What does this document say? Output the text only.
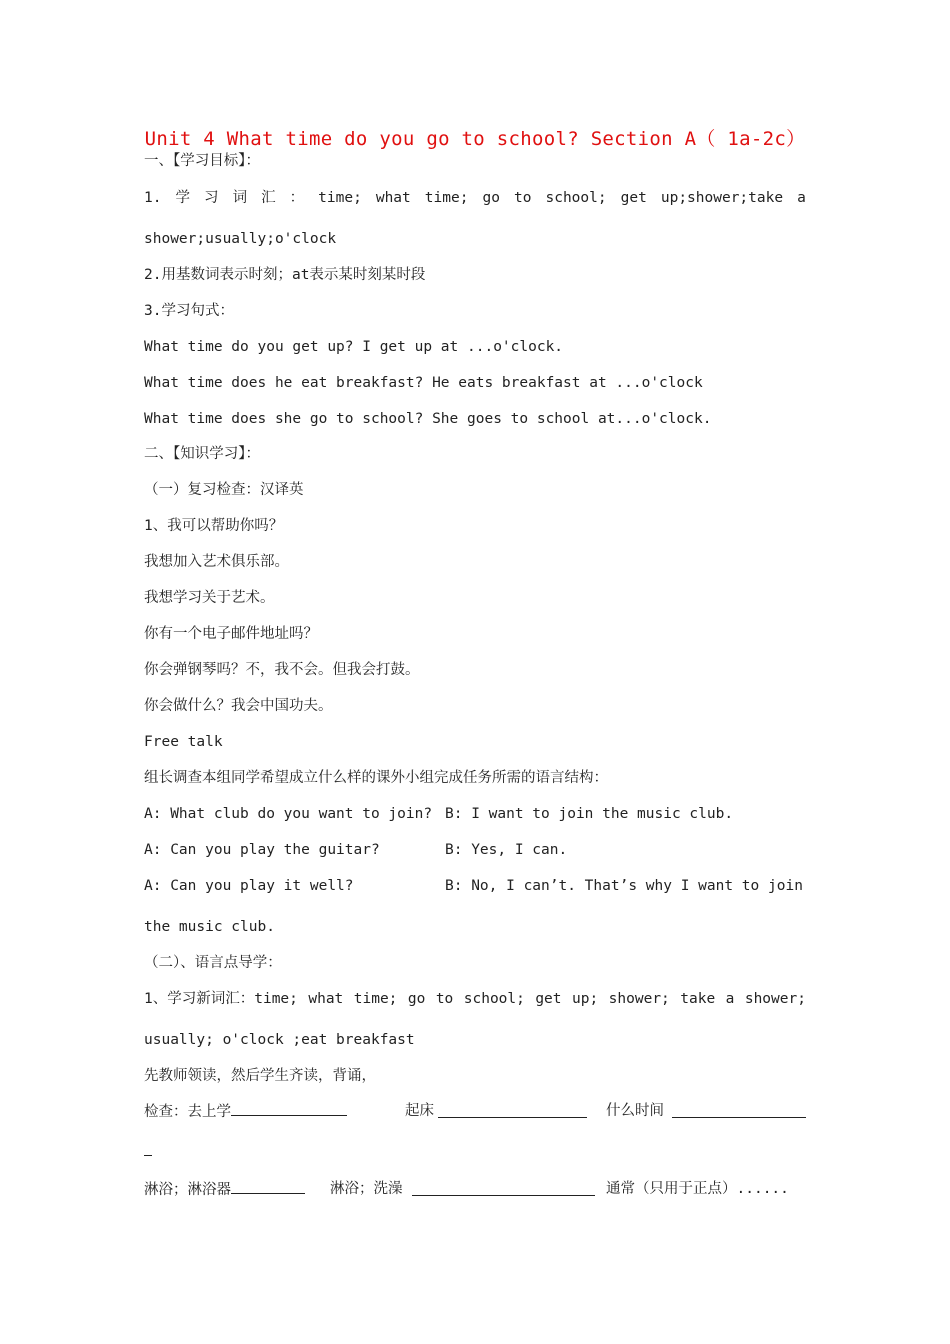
Unit 4 What time do you go to school? Section A（ 1a-2c）
一、【学习目标】：
1. 学 习 词 汇 ： time; what time; go to school; get up;shower;take a
shower;usually;o'clock
2.用基数词表示时刻；at表示某时刻某时段
3.学习句式：
What time do you get up? I get up at ...o'clock.
What time does he eat breakfast? He eats breakfast at ...o'clock
What time does she go to school? She goes to school at...o'clock.
二、【知识学习】：
（一）复习检查：汉译英
1、我可以帮助你吗？
我想加入艺术俱乐部。
我想学习关于艺术。
你有一个电子邮件地址吗？
你会弹钢琴吗？不，我不会。但我会打鼓。
你会做什么？我会中国功夫。
Free talk
组长调查本组同学希望成立什么样的课外小组完成任务所需的语言结构：
A: What club do you want to join? B: I want to join the music club.
A: Can you play the guitar?	B: Yes, I can.
A: Can you play it well?	B: No, I can’t. That’s why I want to join
the music club.
（二）、语言点导学：
1、学习新词汇：time; what time; go to school; get up; shower; take a shower;
usually; o'clock ;eat breakfast
先教师领读，然后学生齐读，背诵，
检查：去上学	起床	什么时间
淋浴；淋浴器	淋浴；洗澡	通常（只用于正点）......
